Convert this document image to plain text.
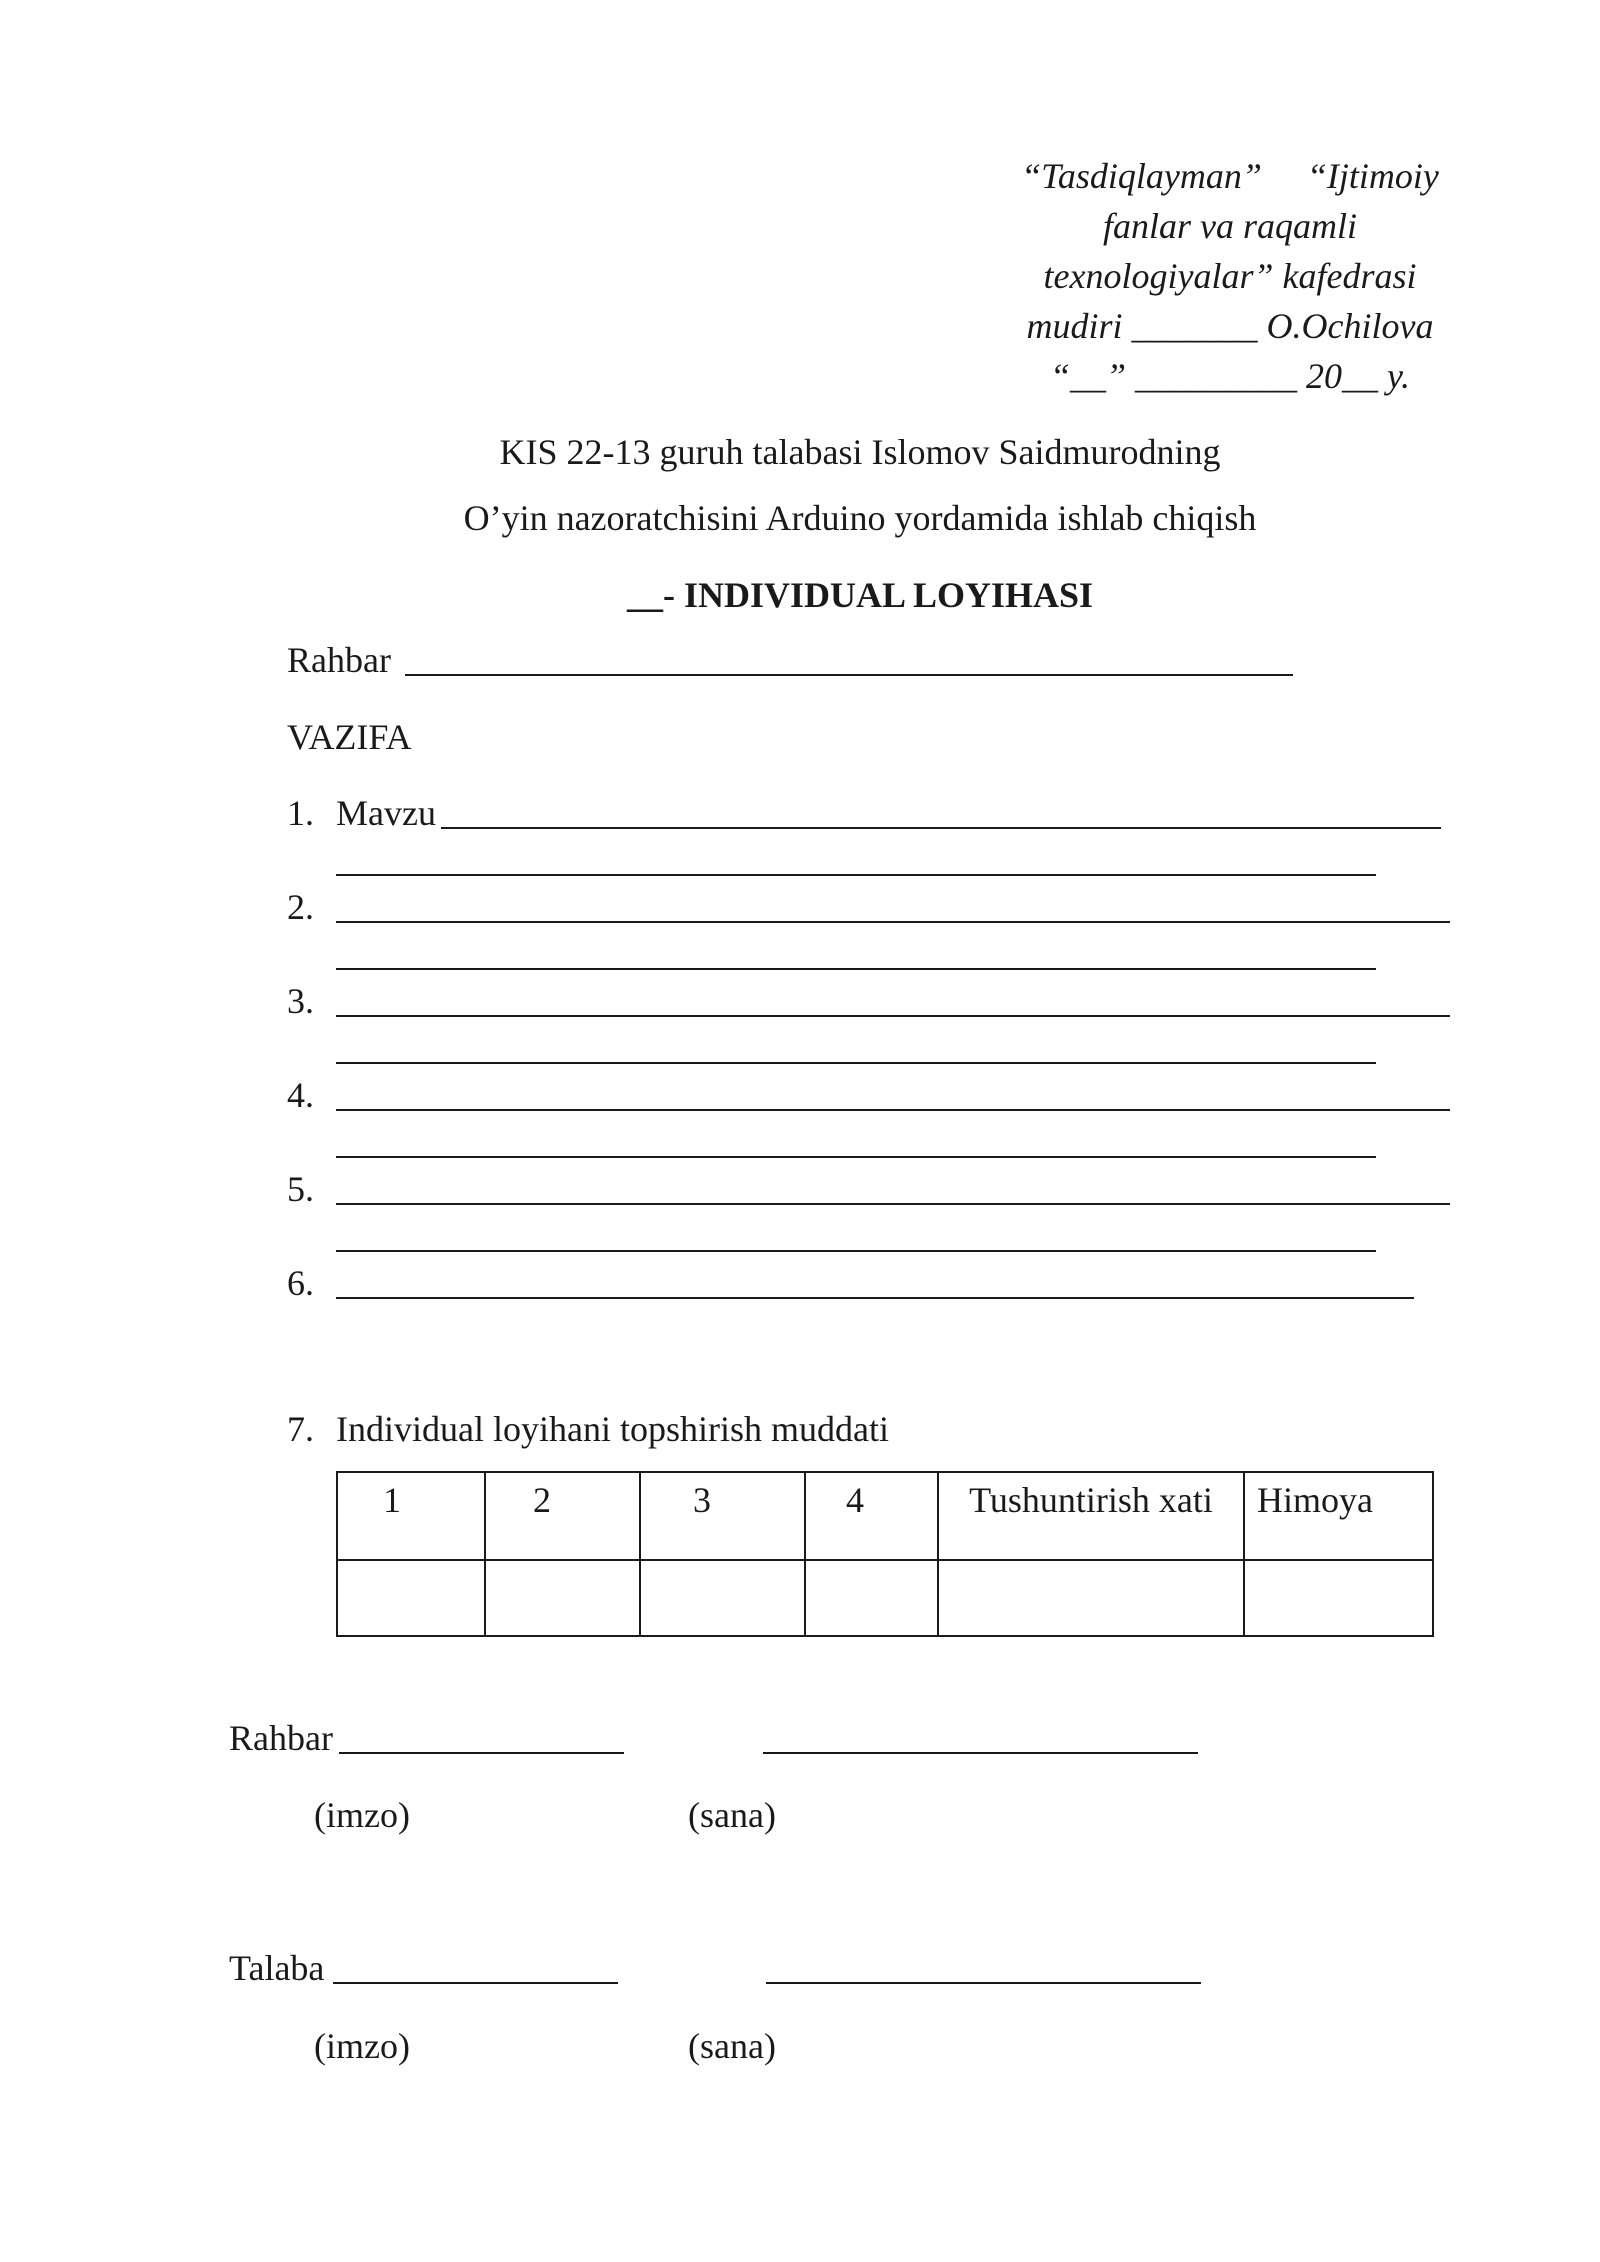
“Tasdiqlayman”     “Ijtimoiy
fanlar va raqamli
texnologiyalar” kafedrasi
mudiri _______ O.Ochilova
“__” _________ 20__ y.
KIS 22-13 guruh talabasi Islomov Saidmurodning
O’yin nazoratchisini Arduino yordamida ishlab chiqish
__- INDIVIDUAL LOYIHASI
Rahbar
VAZIFA
1. Mavzu
2.
3.
4.
5.
6.
7. Individual loyihani topshirish muddati
1	2	3	4	Tushuntirish xati	Himoya

Rahbar
(imzo)	(sana)
Talaba
(imzo)	(sana)
